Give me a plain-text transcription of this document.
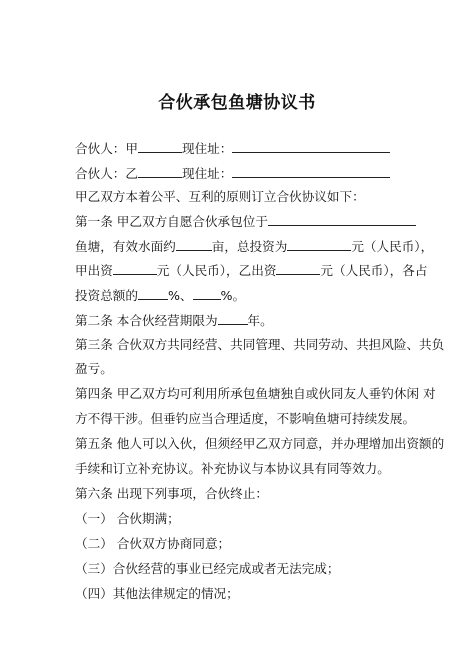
合伙承包鱼塘协议书
合伙人：甲	现住址：
合伙人：乙	现住址：
甲乙双方本着公平、互利的原则订立合伙协议如下：
第一条 甲乙双方自愿合伙承包位于
鱼塘，有效水面约	亩，总投资为	元（人民币），
甲出资	元（人民币），乙出资	元（人民币），各占
投资总额的 %、 %。
第二条 本合伙经营期限为 年。
第三条 合伙双方共同经营、共同管理、共同劳动、共担风险、共负
盈亏。
第四条 甲乙双方均可利用所承包鱼塘独自或伙同友人垂钓休闲 对
方不得干涉。但垂钓应当合理适度，不影响鱼塘可持续发展。
第五条 他人可以入伙，但须经甲乙双方同意，并办理增加出资额的
手续和订立补充协议。补充协议与本协议具有同等效力。
第六条 出现下列事项，合伙终止：
（一） 合伙期满；
（二） 合伙双方协商同意；
（三）合伙经营的事业已经完成或者无法完成；
（四）其他法律规定的情况；
